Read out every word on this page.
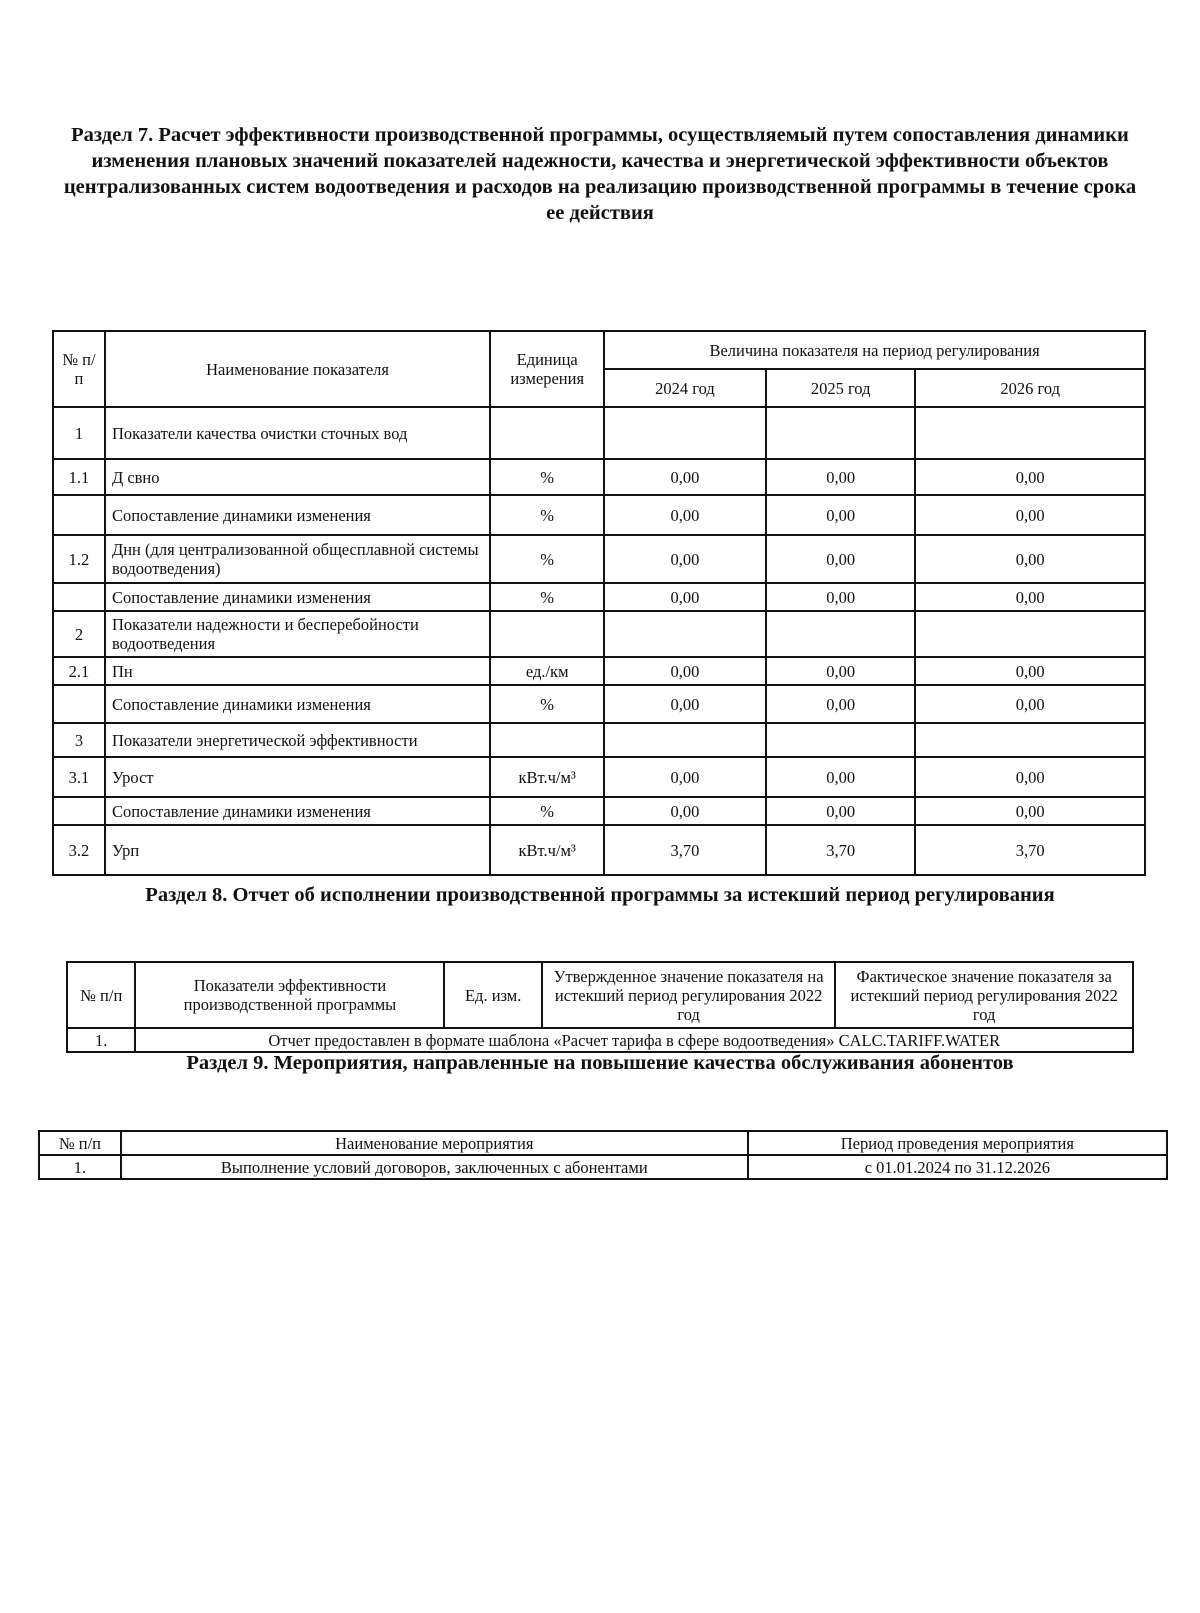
Раздел 7. Расчет эффективности производственной программы, осуществляемый путем сопоставления динамики изменения плановых значений показателей надежности, качества и энергетической эффективности объектов централизованных систем водоотведения и расходов на реализацию производственной программы в течение срока ее действия
№ п/п	Наименование показателя	Единица измерения	Величина показателя на период регулирования		
			2024 год	2025 год	2026 год
1	Показатели качества очистки сточных вод				
1.1	Д свно	%	0,00	0,00	0,00
	Сопоставление динамики изменения	%	0,00	0,00	0,00
1.2	Днн (для централизованной общесплавной системы водоотведения)	%	0,00	0,00	0,00
	Сопоставление динамики изменения	%	0,00	0,00	0,00
2	Показатели надежности и бесперебойности водоотведения				
2.1	Пн	ед./км	0,00	0,00	0,00
	Сопоставление динамики изменения	%	0,00	0,00	0,00
3	Показатели энергетической эффективности				
3.1	Урост	кВт.ч/м³	0,00	0,00	0,00
	Сопоставление динамики изменения	%	0,00	0,00	0,00
3.2	Урп	кВт.ч/м³	3,70	3,70	3,70
Раздел 8. Отчет об исполнении производственной программы за истекший период регулирования
№ п/п	Показатели эффективности производственной программы	Ед. изм.	Утвержденное значение показателя на истекший период регулирования 2022 год	Фактическое значение показателя за истекший период регулирования 2022 год
1.	Отчет предоставлен в формате шаблона «Расчет тарифа в сфере водоотведения» CALC.TARIFF.WATER			
Раздел 9. Мероприятия, направленные на повышение качества обслуживания абонентов
№ п/п	Наименование мероприятия	Период проведения мероприятия
1.	Выполнение условий договоров, заключенных с абонентами	с 01.01.2024 по 31.12.2026
